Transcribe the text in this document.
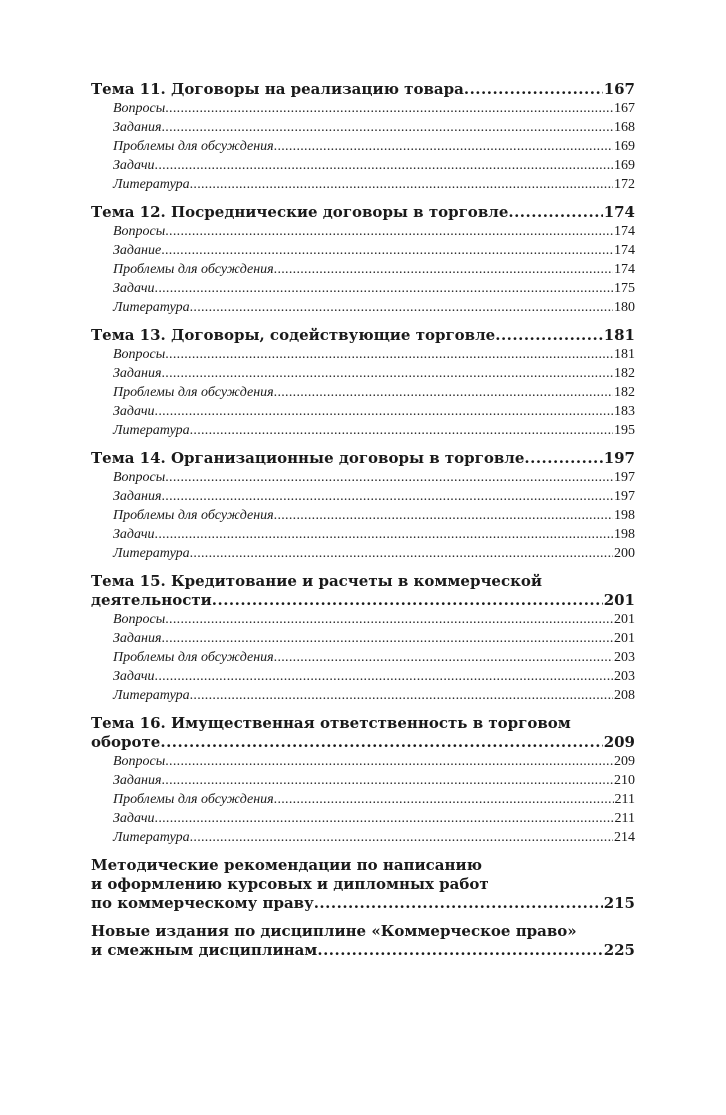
Тема 11. Договоры на реализацию товара .....	167
Вопросы .....	167
Задания .....	168
Проблемы для обсуждения .....	169
Задачи .....	169
Литература .....	172
Тема 12. Посреднические договоры в торговле .....	174
Вопросы .....	174
Задание .....	174
Проблемы для обсуждения .....	174
Задачи .....	175
Литература .....	180
Тема 13. Договоры, содействующие торговле .....	181
Вопросы .....	181
Задания .....	182
Проблемы для обсуждения .....	182
Задачи .....	183
Литература .....	195
Тема 14. Организационные договоры в торговле .....	197
Вопросы .....	197
Задания .....	197
Проблемы для обсуждения .....	198
Задачи .....	198
Литература .....	200
Тема 15. Кредитование и расчеты в коммерческой
деятельности .....	201
Вопросы .....	201
Задания .....	201
Проблемы для обсуждения .....	203
Задачи .....	203
Литература .....	208
Тема 16. Имущественная ответственность в торговом
обороте .....	209
Вопросы .....	209
Задания .....	210
Проблемы для обсуждения .....	211
Задачи .....	211
Литература .....	214
Методические рекомендации по написанию
и оформлению курсовых и дипломных работ
по коммерческому праву .....	215
Новые издания по дисциплине «Коммерческое право»
и смежным дисциплинам .....	225
